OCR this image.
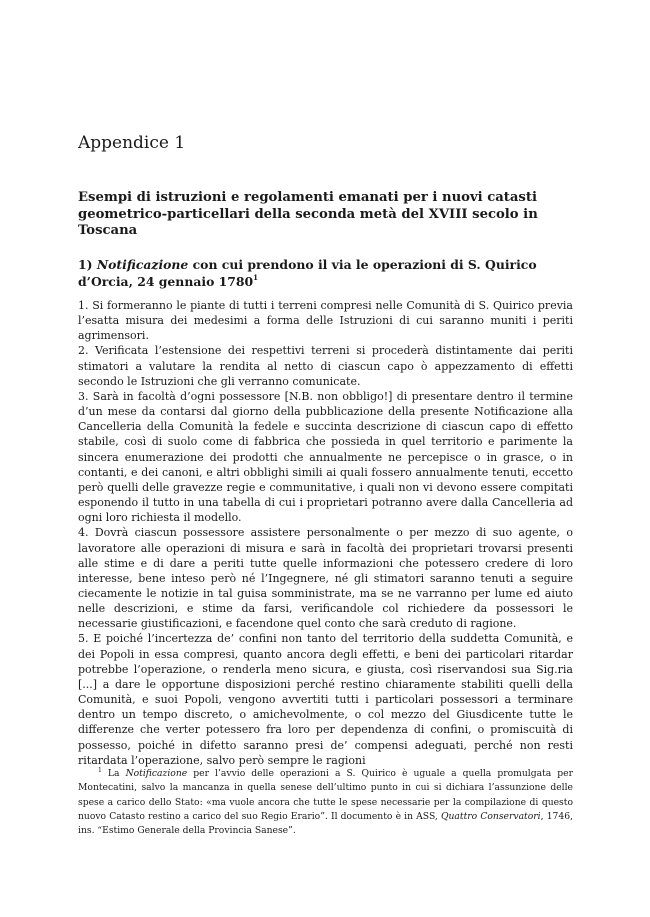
Appendice 1
Esempi di istruzioni e regolamenti emanati per i nuovi catasti geometrico-particellari della seconda metà del XVIII secolo in Toscana
1) Notificazione con cui prendono il via le operazioni di S. Quirico d’Orcia, 24 gennaio 1780$^1$

1. Si formeranno le piante di tutti i terreni compresi nelle Comunità di S. Quirico previa l’esatta misura dei medesimi a forma delle Istruzioni di cui saranno muniti i periti agrimensori.

2. Verificata l’estensione dei respettivi terreni si procederà distintamente dai periti stimatori a valutare la rendita al netto di ciascun capo ò appezzamento di effetti secondo le Istruzioni che gli verranno comunicate.

3. Sarà in facoltà d’ogni possessore [N.B. non obbligo!] di presentare dentro il termine d’un mese da contarsi dal giorno della pubblicazione della presente Notificazione alla Cancelleria della Comunità la fedele e succinta descrizione di ciascun capo di effetto stabile, così di suolo come di fabbrica che possieda in quel territorio e parimente la sincera enumerazione dei prodotti che annualmente ne percepisce o in grasce, o in contanti, e dei canoni, e altri obblighi simili ai quali fossero annualmente tenuti, eccetto però quelli delle gravezze regie e communitative, i quali non vi devono essere compitati esponendo il tutto in una tabella di cui i proprietari potranno avere dalla Cancelleria ad ogni loro richiesta il modello.

4. Dovrà ciascun possessore assistere personalmente o per mezzo di suo agente, o lavoratore alle operazioni di misura e sarà in facoltà dei proprietari trovarsi presenti alle stime e di dare a periti tutte quelle informazioni che potessero credere di loro interesse, bene inteso però né l’Ingegnere, né gli stimatori saranno tenuti a seguire ciecamente le notizie in tal guisa somministrate, ma se ne varranno per lume ed aiuto nelle descrizioni, e stime da farsi, verificandole col richiedere da possessori le necessarie giustificazioni, e facendone quel conto che sarà creduto di ragione.

5. E poiché l’incertezza de’ confini non tanto del territorio della suddetta Comunità, e dei Popoli in essa compresi, quanto ancora degli effetti, e beni dei particolari ritardar potrebbe l’operazione, o renderla meno sicura, e giusta, così riservandosi sua Sig.ria [...] a dare le opportune disposizioni perché restino chiaramente stabiliti quelli della Comunità, e suoi Popoli, vengono avvertiti tutti i particolari possessori a terminare dentro un tempo discreto, o amichevolmente, o col mezzo del Giusdicente tutte le differenze che verter potessero fra loro per dependenza di confini, o promiscuità di possesso, poiché in difetto saranno presi de’ compensi adeguati, perché non resti ritardata l’operazione, salvo però sempre le ragioni

$^1$ La Notificazione per l’avvio delle operazioni a S. Quirico è uguale a quella promulgata per Montecatini, salvo la mancanza in quella senese dell’ultimo punto in cui si dichiara l’assunzione delle spese a carico dello Stato: «ma vuole ancora che tutte le spese necessarie per la compilazione di questo nuovo Catasto restino a carico del suo Regio Erario”. Il documento è in ASS, Quattro Conservatori, 1746, ins. “Estimo Generale della Provincia Sanese”.
